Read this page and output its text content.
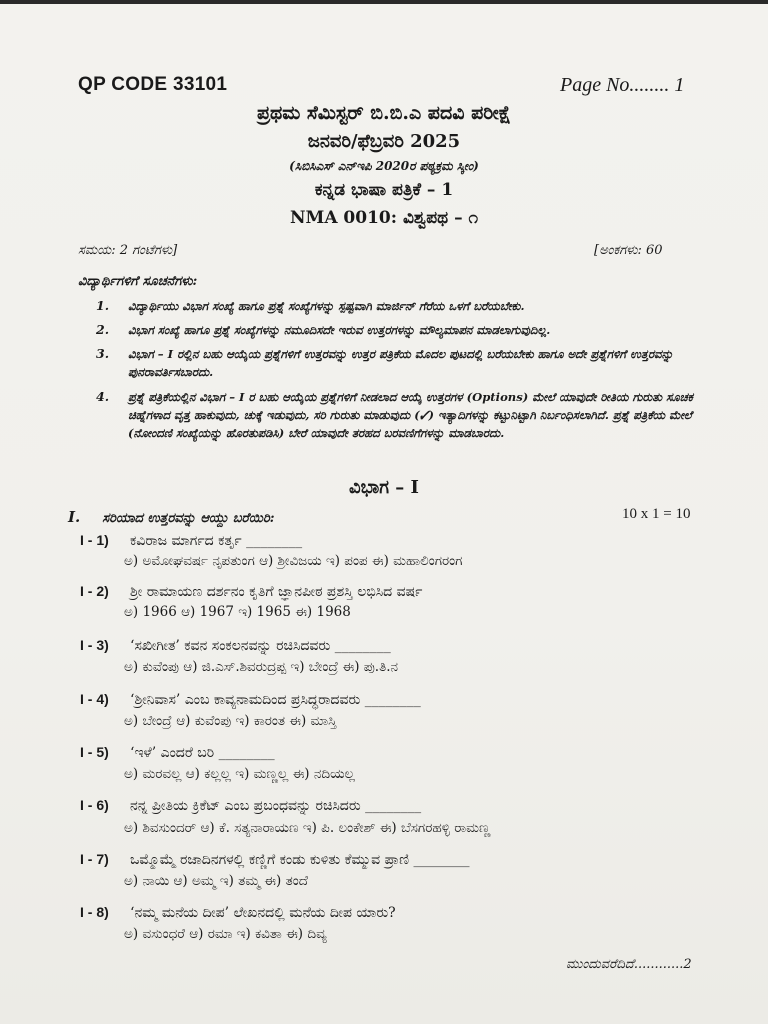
QP CODE 33101	Page No........ 1
ಪ್ರಥಮ ಸೆಮಿಸ್ಟರ್ ಬಿ.ಬಿ.ಎ ಪದವಿ ಪರೀಕ್ಷೆ
ಜನವರಿ/ಫೆಬ್ರವರಿ 2025
(ಸಿಬಿಸಿಎಸ್ ಎನ್‌ಇಪಿ 2020ರ ಪಠ್ಯಕ್ರಮ ಸ್ಕೀಂ)
ಕನ್ನಡ ಭಾಷಾ ಪತ್ರಿಕೆ – 1
NMA 0010: ವಿಶ್ವಪಥ – ೧
ಸಮಯ: 2 ಗಂಟೆಗಳು]	[ಅಂಕಗಳು: 60
ವಿದ್ಯಾರ್ಥಿಗಳಿಗೆ ಸೂಚನೆಗಳು:
1. ವಿದ್ಯಾರ್ಥಿಯು ವಿಭಾಗ ಸಂಖ್ಯೆ ಹಾಗೂ ಪ್ರಶ್ನೆ ಸಂಖ್ಯೆಗಳನ್ನು ಸ್ಪಷ್ಟವಾಗಿ ಮಾರ್ಜಿನ್ ಗೆರೆಯ ಒಳಗೆ ಬರೆಯಬೇಕು.
2. ವಿಭಾಗ ಸಂಖ್ಯೆ ಹಾಗೂ ಪ್ರಶ್ನೆ ಸಂಖ್ಯೆಗಳನ್ನು ನಮೂದಿಸದೇ ಇರುವ ಉತ್ತರಗಳನ್ನು ಮೌಲ್ಯಮಾಪನ ಮಾಡಲಾಗುವುದಿಲ್ಲ.
3. ವಿಭಾಗ – I ರಲ್ಲಿನ ಬಹು ಆಯ್ಕೆಯ ಪ್ರಶ್ನೆಗಳಿಗೆ ಉತ್ತರವನ್ನು ಉತ್ತರ ಪತ್ರಿಕೆಯ ಮೊದಲ ಪುಟದಲ್ಲಿ ಬರೆಯಬೇಕು ಹಾಗೂ ಅದೇ ಪ್ರಶ್ನೆಗಳಿಗೆ ಉತ್ತರವನ್ನು ಪುನರಾವರ್ತಿಸಬಾರದು.
4. ಪ್ರಶ್ನೆ ಪತ್ರಿಕೆಯಲ್ಲಿನ ವಿಭಾಗ – I ರ ಬಹು ಆಯ್ಕೆಯ ಪ್ರಶ್ನೆಗಳಿಗೆ ನೀಡಲಾದ ಆಯ್ಕೆ ಉತ್ತರಗಳ (Options) ಮೇಲೆ ಯಾವುದೇ ರೀತಿಯ ಗುರುತು ಸೂಚಕ ಚಿಹ್ನೆಗಳಾದ ವೃತ್ತ ಹಾಕುವುದು, ಚುಕ್ಕೆ ಇಡುವುದು, ಸರಿ ಗುರುತು ಮಾಡುವುದು (✓) ಇತ್ಯಾದಿಗಳನ್ನು ಕಟ್ಟುನಿಟ್ಟಾಗಿ ನಿರ್ಬಂಧಿಸಲಾಗಿದೆ. ಪ್ರಶ್ನೆ ಪತ್ರಿಕೆಯ ಮೇಲೆ (ನೋಂದಣಿ ಸಂಖ್ಯೆಯನ್ನು ಹೊರತುಪಡಿಸಿ) ಬೇರೆ ಯಾವುದೇ ತರಹದ ಬರವಣಿಗೆಗಳನ್ನು ಮಾಡಬಾರದು.
ವಿಭಾಗ – I
I. ಸರಿಯಾದ ಉತ್ತರವನ್ನು ಆಯ್ದು ಬರೆಯಿರಿ:	10 x 1 = 10
I - 1) ಕವಿರಾಜ ಮಾರ್ಗದ ಕರ್ತೃ ________
ಅ) ಅಮೋಘವರ್ಷ ನೃಪತುಂಗ ಆ) ಶ್ರೀವಿಜಯ ಇ) ಪಂಪ ಈ) ಮಹಾಲಿಂಗರಂಗ
I - 2) ಶ್ರೀ ರಾಮಾಯಣ ದರ್ಶನಂ ಕೃತಿಗೆ ಜ್ಞಾನಪೀಠ ಪ್ರಶಸ್ತಿ ಲಭಿಸಿದ ವರ್ಷ
ಅ) 1966 ಆ) 1967 ಇ) 1965 ಈ) 1968
I - 3) ‘ಸಖೀಗೀತ’ ಕವನ ಸಂಕಲನವನ್ನು ರಚಿಸಿದವರು ________
ಅ) ಕುವೆಂಪು ಆ) ಜಿ.ಎಸ್.ಶಿವರುದ್ರಪ್ಪ ಇ) ಬೇಂದ್ರೆ ಈ) ಪು.ತಿ.ನ
I - 4) ‘ಶ್ರೀನಿವಾಸ’ ಎಂಬ ಕಾವ್ಯನಾಮದಿಂದ ಪ್ರಸಿದ್ಧರಾದವರು ________
ಅ) ಬೇಂದ್ರೆ ಆ) ಕುವೆಂಪು ಇ) ಕಾರಂತ ಈ) ಮಾಸ್ತಿ
I - 5) ‘ಇಳೆ’ ಎಂದರೆ ಬರಿ ________
ಅ) ಮರವಲ್ಲ ಆ) ಕಲ್ಲಲ್ಲ ಇ) ಮಣ್ಣಲ್ಲ ಈ) ನದಿಯಲ್ಲ
I - 6) ನನ್ನ ಪ್ರೀತಿಯ ಕ್ರಿಕೆಟ್ ಎಂಬ ಪ್ರಬಂಧವನ್ನು ರಚಿಸಿದರು ________
ಅ) ಶಿವಸುಂದರ್ ಆ) ಕೆ. ಸತ್ಯನಾರಾಯಣ ಇ) ಪಿ. ಲಂಕೇಶ್ ಈ) ಬೆಸಗರಹಳ್ಳಿ ರಾಮಣ್ಣ
I - 7) ಒಮ್ಮೊಮ್ಮೆ ರಜಾದಿನಗಳಲ್ಲಿ ಕಣ್ಣಿಗೆ ಕಂಡು ಕುಳಿತು ಕೆಮ್ಮುವ ಪ್ರಾಣಿ ________
ಅ) ನಾಯಿ ಆ) ಅಮ್ಮ ಇ) ತಮ್ಮ ಈ) ತಂದೆ
I - 8) ‘ನಮ್ಮ ಮನೆಯ ದೀಪ’ ಲೇಖನದಲ್ಲಿ ಮನೆಯ ದೀಪ ಯಾರು?
ಅ) ವಸುಂಧರೆ ಆ) ರಮಾ ಇ) ಕವಿತಾ ಈ) ದಿವ್ಯ
ಮುಂದುವರೆದಿದೆ............2
